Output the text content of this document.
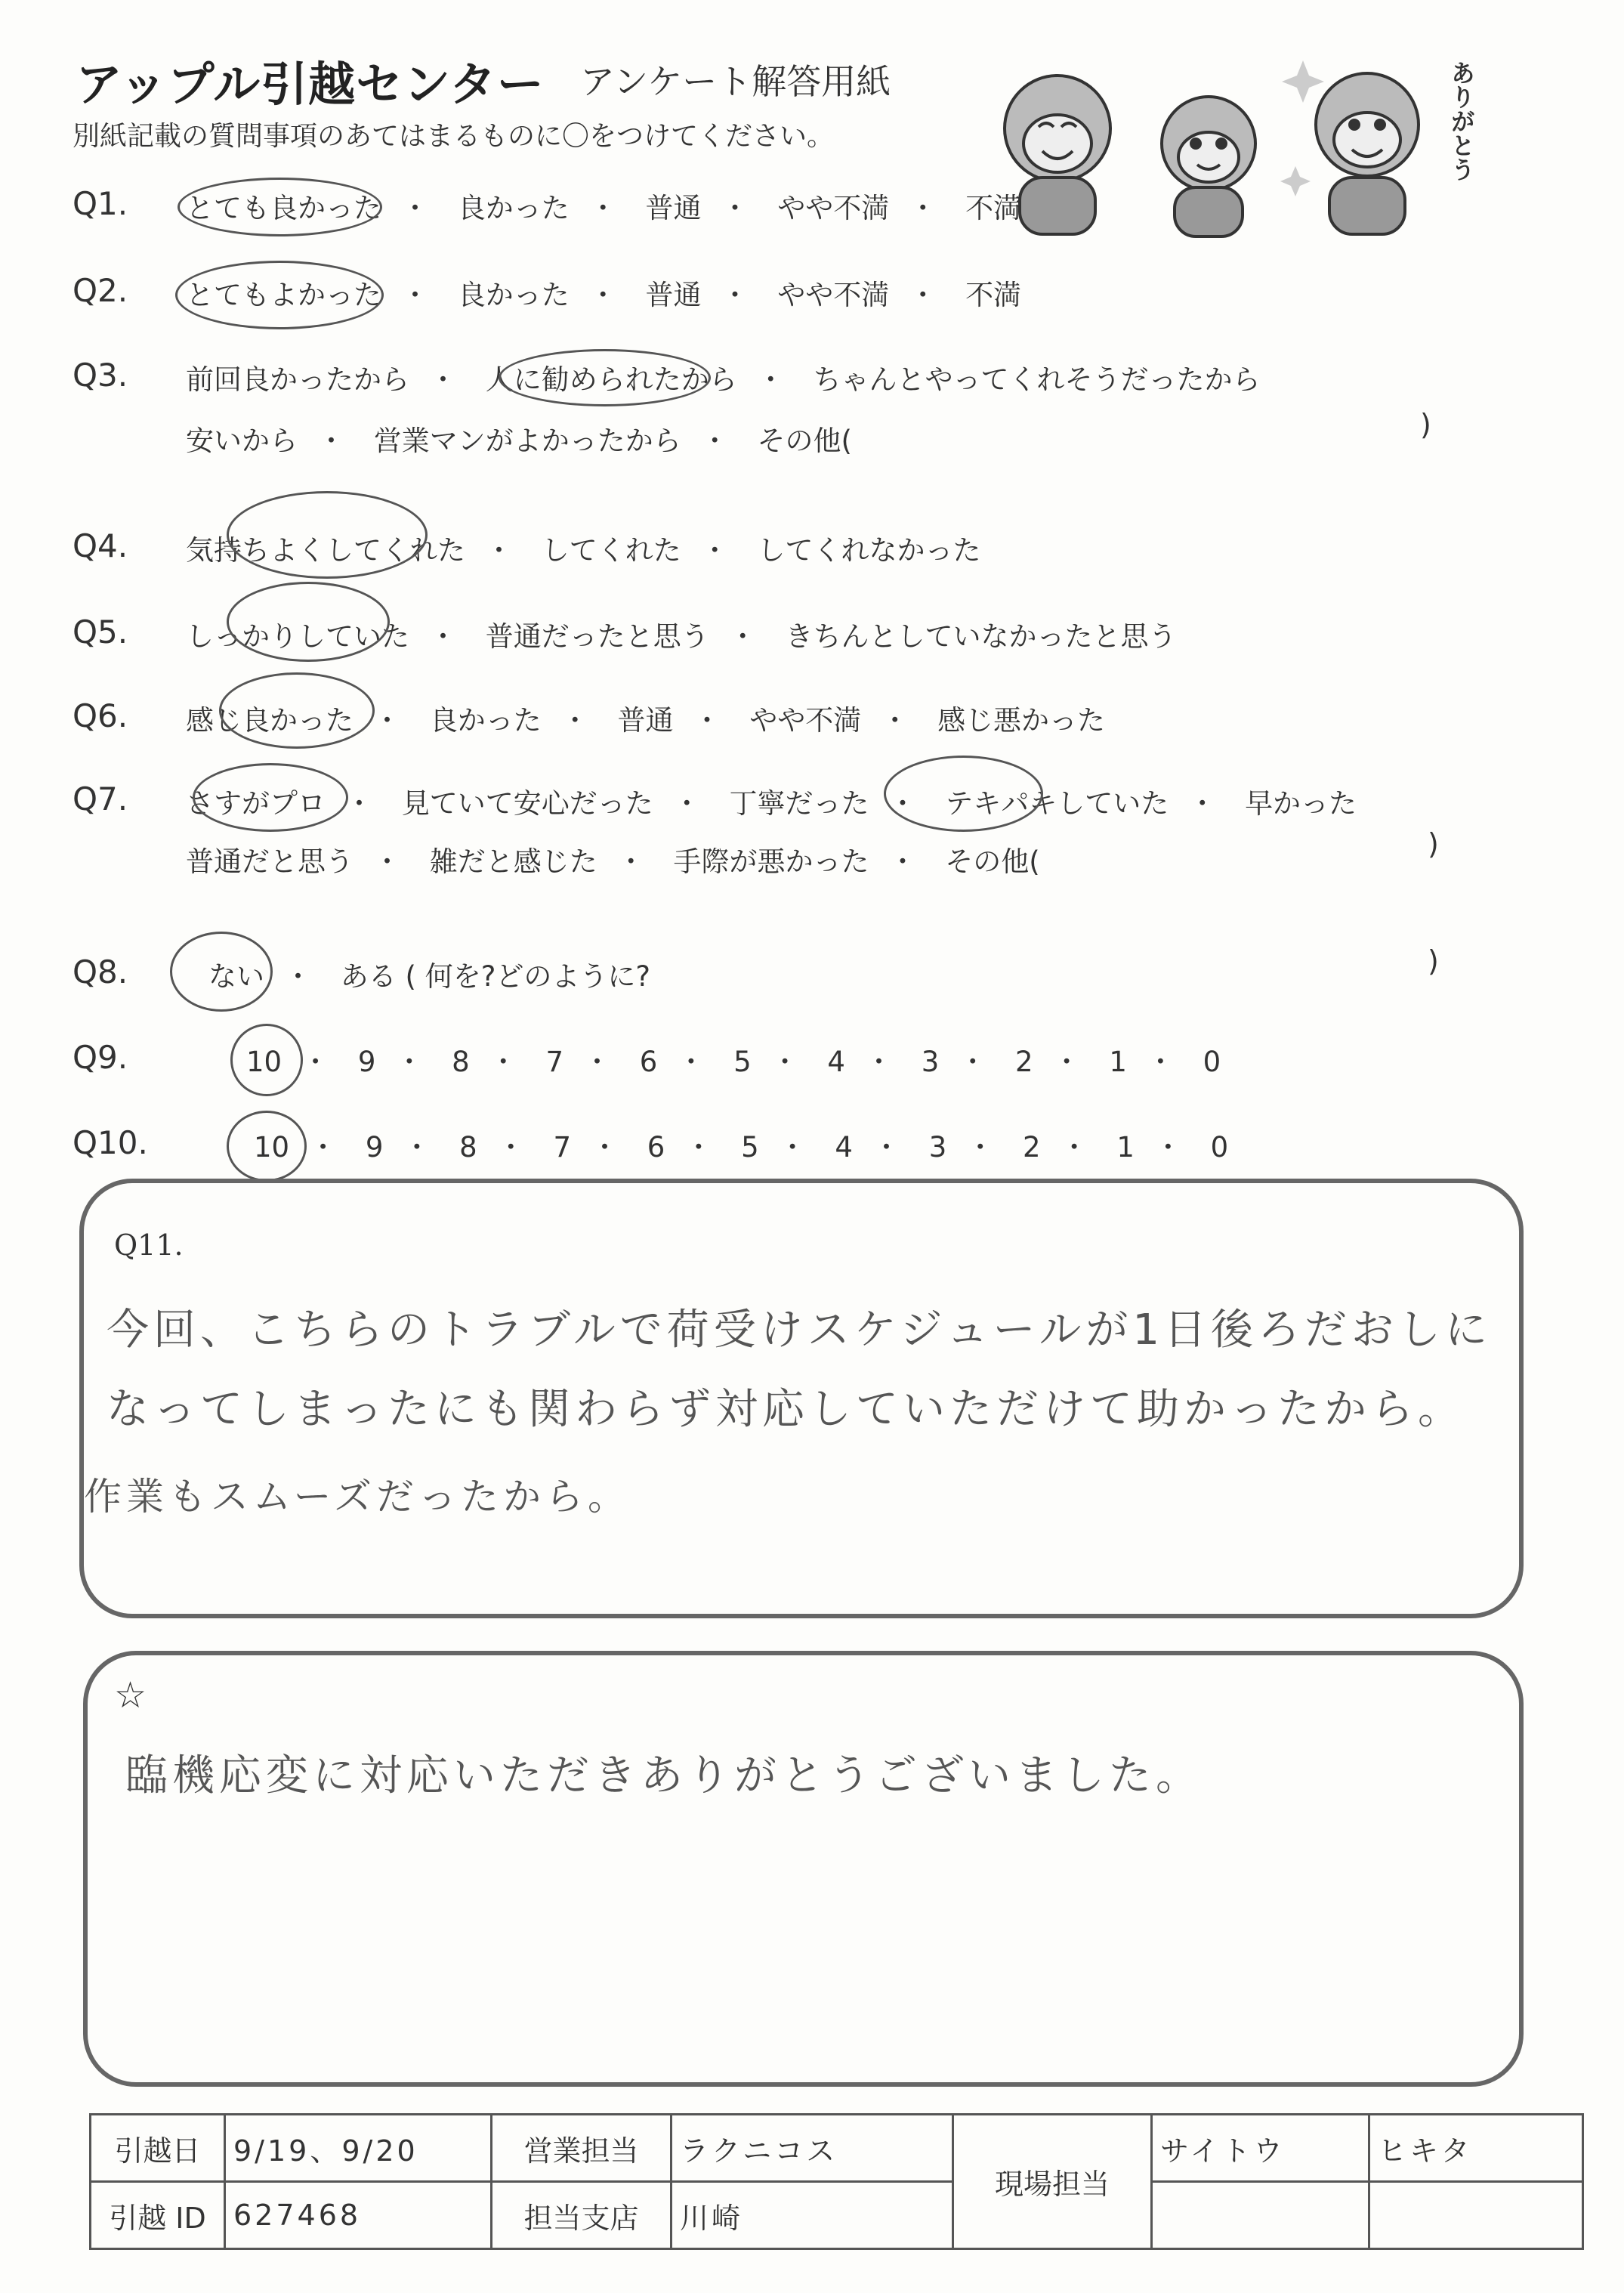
アップル引越センター アンケート解答用紙
別紙記載の質問事項のあてはまるものに〇をつけてください。	ありがとう
Q1.	とても良かった ・ 良かった ・ 普通 ・ やや不満 ・ 不満
Q2.	とてもよかった ・ 良かった ・ 普通 ・ やや不満 ・ 不満
Q3.	前回良かったから ・ 人に勧められたから ・ ちゃんとやってくれそうだったから
安いから ・ 営業マンがよかったから ・ その他(	)
Q4.	気持ちよくしてくれた ・ してくれた ・ してくれなかった
Q5.	しっかりしていた ・ 普通だったと思う ・ きちんとしていなかったと思う
Q6.	感じ良かった ・ 良かった ・ 普通 ・ やや不満 ・ 感じ悪かった
Q7.	さすがプロ ・ 見ていて安心だった ・ 丁寧だった ・ テキパキしていた ・ 早かった
普通だと思う ・ 雑だと感じた ・ 手際が悪かった ・ その他(
)
Q8.	ない ・ ある ( 何を?どのように?	)
Q9.	10 ・ 9 ・ 8 ・ 7 ・ 6 ・ 5 ・ 4 ・ 3 ・ 2 ・ 1 ・ 0
Q10.	10 ・ 9 ・ 8 ・ 7 ・ 6 ・ 5 ・ 4 ・ 3 ・ 2 ・ 1 ・ 0
Q11.
今回、こちらのトラブルで荷受けスケジュールが1日後ろだおしに
なってしまったにも関わらず対応していただけて助かったから。
作業もスムーズだったから。
☆
臨機応変に対応いただきありがとうございました。
引越日	9/19、9/20	営業担当	ラクニコス	現場担当	サイトウ	ヒキタ
引越 ID	627468	担当支店	川崎			
